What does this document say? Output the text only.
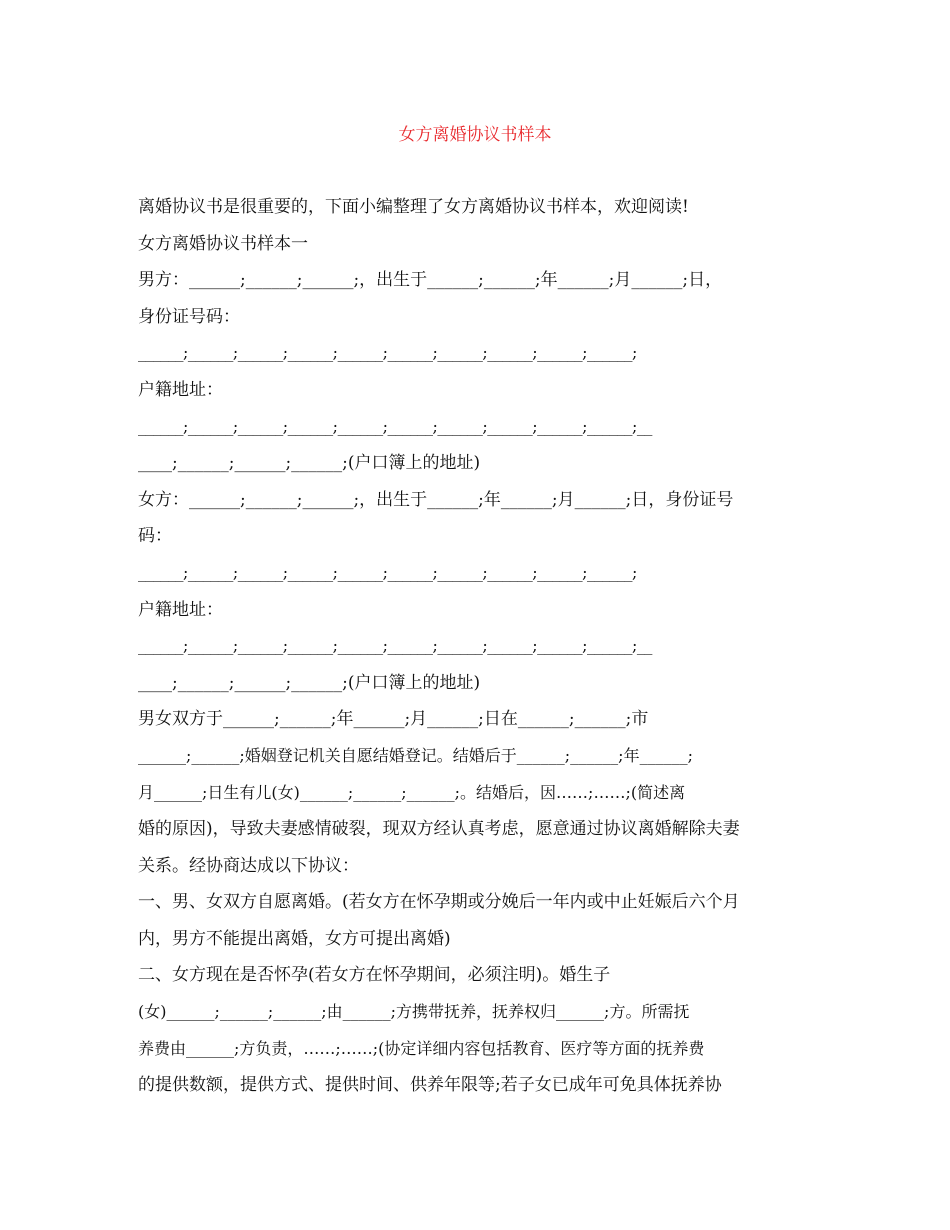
女方离婚协议书样本
离婚协议书是很重要的，下面小编整理了女方离婚协议书样本，欢迎阅读!
女方离婚协议书样本一
男方：______;______;______;，出生于______;______;年______;月______;日，
身份证号码：
______;______;______;______;______;______;______;______;______;______;
户籍地址：
______;______;______;______;______;______;______;______;______;______;__
____;______;______;______;(户口簿上的地址)
女方：______;______;______;，出生于______;年______;月______;日，身份证号
码：
______;______;______;______;______;______;______;______;______;______;
户籍地址：
______;______;______;______;______;______;______;______;______;______;__
____;______;______;______;(户口簿上的地址)
男女双方于______;______;年______;月______;日在______;______;市
______;______;婚姻登记机关自愿结婚登记。结婚后于______;______;年______;
月______;日生有儿(女)______;______;______;。结婚后，因……;……;(简述离
婚的原因)，导致夫妻感情破裂，现双方经认真考虑，愿意通过协议离婚解除夫妻
关系。经协商达成以下协议：
一、男、女双方自愿离婚。(若女方在怀孕期或分娩后一年内或中止妊娠后六个月
内，男方不能提出离婚，女方可提出离婚)
二、女方现在是否怀孕(若女方在怀孕期间，必须注明)。婚生子
(女)______;______;______;由______;方携带抚养，抚养权归______;方。所需抚
养费由______;方负责，……;……;(协定详细内容包括教育、医疗等方面的抚养费
的提供数额，提供方式、提供时间、供养年限等;若子女已成年可免具体抚养协
